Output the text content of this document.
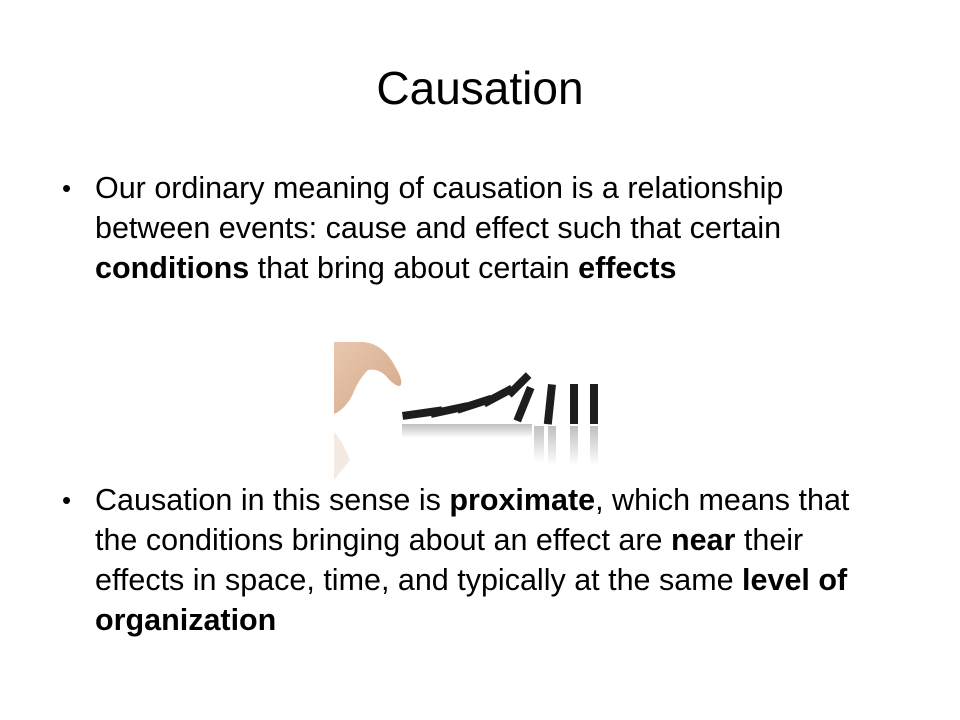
Causation
• Our ordinary meaning of causation is a relationship between events: cause and effect such that certain conditions that bring about certain effects
• Causation in this sense is proximate, which means that the conditions bringing about an effect are near their effects in space, time, and typically at the same level of organization
